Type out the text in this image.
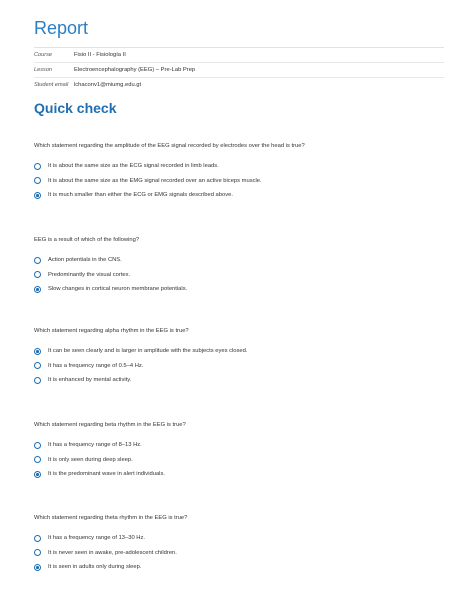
Report
Course	Fisio II - Fisiología II
Lesson	Electroencephalography (EEG) – Pre-Lab Prep
Student email lchaconv1@miumg.edu.gt
Quick check
Which statement regarding the amplitude of the EEG signal recorded by electrodes over the head is true?
It is about the same size as the ECG signal recorded in limb leads.
It is about the same size as the EMG signal recorded over an active biceps muscle.
It is much smaller than either the ECG or EMG signals described above.
EEG is a result of which of the following?
Action potentials in the CNS.
Predominantly the visual cortex.
Slow changes in cortical neuron membrane potentials.
Which statement regarding alpha rhythm in the EEG is true?
It can be seen clearly and is larger in amplitude with the subjects eyes closed.
It has a frequency range of 0.5–4 Hz.
It is enhanced by mental activity.
Which statement regarding beta rhythm in the EEG is true?
It has a frequency range of 8–13 Hz.
It is only seen during deep sleep.
It is the predominant wave in alert individuals.
Which statement regarding theta rhythm in the EEG is true?
It has a frequency range of 13–30 Hz.
It is never seen in awake, pre-adolescent children.
It is seen in adults only during sleep.
